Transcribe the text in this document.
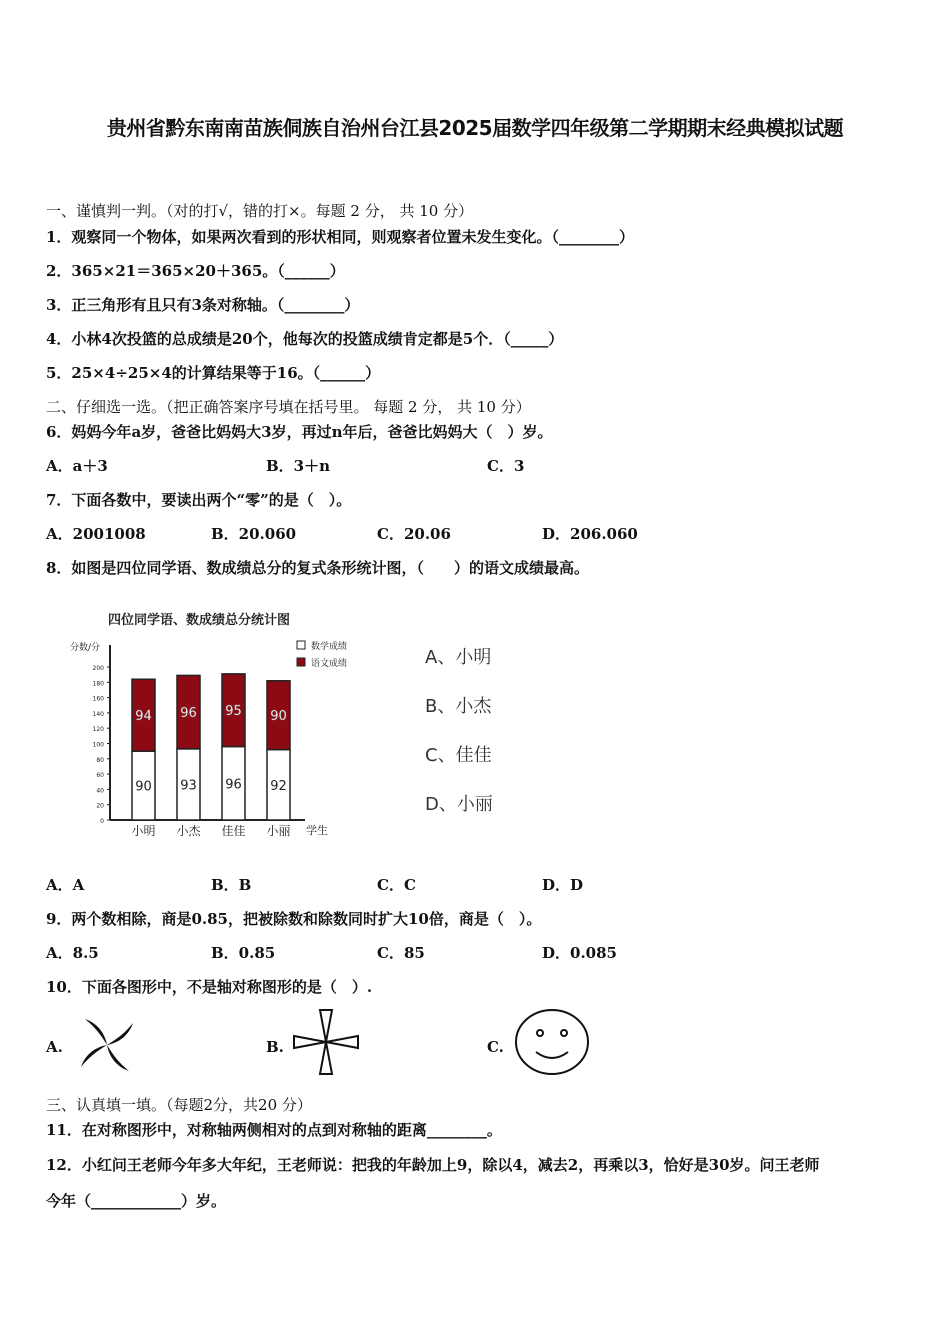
贵州省黔东南南苗族侗族自治州台江县2025届数学四年级第二学期期末经典模拟试题
一、谨慎判一判。（对的打√，错的打×。每题 2 分， 共 10 分）
1．观察同一个物体，如果两次看到的形状相同，则观察者位置未发生变化。（________）
2．365×21＝365×20＋365。（______）
3．正三角形有且只有3条对称轴。（________）
4．小林4次投篮的总成绩是20个，他每次的投篮成绩肯定都是5个．（_____）
5．25×4÷25×4的计算结果等于16。（______）
二、仔细选一选。（把正确答案序号填在括号里。 每题 2 分， 共 10 分）
6．妈妈今年a岁，爸爸比妈妈大3岁，再过n年后，爸爸比妈妈大（　）岁。
A．a＋3	B．3＋n	C．3
7．下面各数中，要读出两个“零”的是（　）。
A．2001008	B．20.060	C．20.06	D．206.060
8．如图是四位同学语、数成绩总分的复式条形统计图，（　　）的语文成绩最高。
四位同学语、数成绩总分统计图
分数/分
学生
数学成绩
语文成绩
0
20
40
60
80
100
120
140
160
180
200
90
94
小明
93
96
小杰
96
95
佳佳
92
90
小丽
A、小明
B、小杰
C、佳佳
D、小丽
A．A	B．B	C．C	D．D
9．两个数相除，商是0.85，把被除数和除数同时扩大10倍，商是（　）。
A．8.5	B．0.85	C．85	D．0.085
10．下面各图形中，不是轴对称图形的是（　）.
A.	B.	C.
三、认真填一填。（每题2分，共20 分）
11．在对称图形中，对称轴两侧相对的点到对称轴的距离________。
12．小红问王老师今年多大年纪，王老师说：把我的年龄加上9，除以4，减去2，再乘以3，恰好是30岁。问王老师
今年（____________）岁。
